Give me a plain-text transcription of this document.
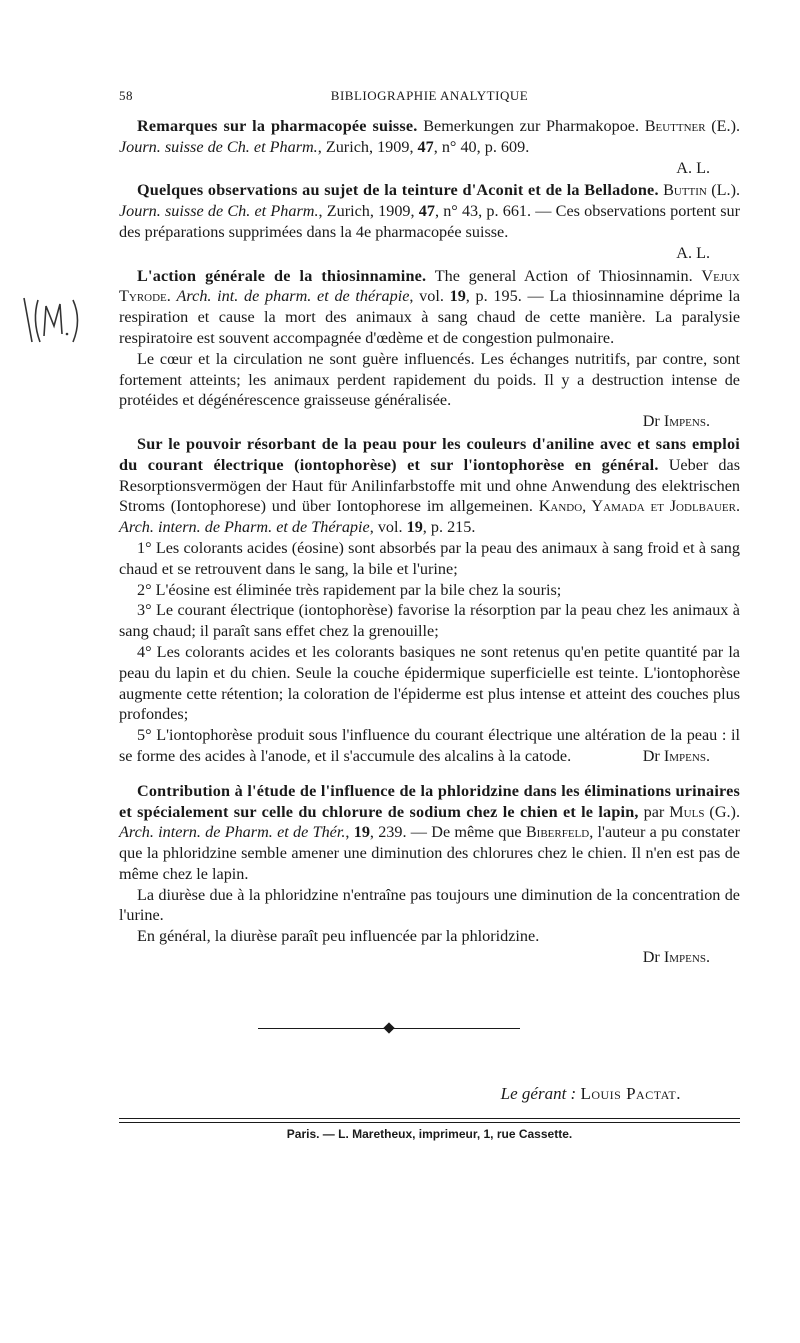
58	BIBLIOGRAPHIE ANALYTIQUE

Remarques sur la pharmacopée suisse. Bemerkungen zur Pharmakopoe. Beuttner (E.). Journ. suisse de Ch. et Pharm., Zurich, 1909, 47, n° 40, p. 609.

A. L.

Quelques observations au sujet de la teinture d'Aconit et de la Belladone. Buttin (L.). Journ. suisse de Ch. et Pharm., Zurich, 1909, 47, n° 43, p. 661. — Ces observations portent sur des préparations supprimées dans la 4e pharmacopée suisse.

A. L.

L'action générale de la thiosinnamine. The general Action of Thiosinnamin. Vejux Tyrode. Arch. int. de pharm. et de thérapie, vol. 19, p. 195. — La thiosinnamine déprime la respiration et cause la mort des animaux à sang chaud de cette manière. La paralysie respiratoire est souvent accompagnée d'œdème et de congestion pulmonaire.

Le cœur et la circulation ne sont guère influencés. Les échanges nutritifs, par contre, sont fortement atteints; les animaux perdent rapidement du poids. Il y a destruction intense de protéides et dégénérescence graisseuse généralisée.

Dr Impens.

Sur le pouvoir résorbant de la peau pour les couleurs d'aniline avec et sans emploi du courant électrique (iontophorèse) et sur l'iontophorèse en général. Ueber das Resorptionsvermögen der Haut für Anilinfarbstoffe mit und ohne Anwendung des elektrischen Stroms (Iontophorese) und über Iontophorese im allgemeinen. Kando, Yamada et Jodlbauer. Arch. intern. de Pharm. et de Thérapie, vol. 19, p. 215.

1° Les colorants acides (éosine) sont absorbés par la peau des animaux à sang froid et à sang chaud et se retrouvent dans le sang, la bile et l'urine;

2° L'éosine est éliminée très rapidement par la bile chez la souris;

3° Le courant électrique (iontophorèse) favorise la résorption par la peau chez les animaux à sang chaud; il paraît sans effet chez la grenouille;

4° Les colorants acides et les colorants basiques ne sont retenus qu'en petite quantité par la peau du lapin et du chien. Seule la couche épidermique superficielle est teinte. L'iontophorèse augmente cette rétention; la coloration de l'épiderme est plus intense et atteint des couches plus profondes;

5° L'iontophorèse produit sous l'influence du courant électrique une altération de la peau : il se forme des acides à l'anode, et il s'accumule des alcalins à la catode.	Dr Impens.

Contribution à l'étude de l'influence de la phloridzine dans les éliminations urinaires et spécialement sur celle du chlorure de sodium chez le chien et le lapin, par Muls (G.). Arch. intern. de Pharm. et de Thér., 19, 239. — De même que Biberfeld, l'auteur a pu constater que la phloridzine semble amener une diminution des chlorures chez le chien. Il n'en est pas de même chez le lapin.

La diurèse due à la phloridzine n'entraîne pas toujours une diminution de la concentration de l'urine.

En général, la diurèse paraît peu influencée par la phloridzine.

Dr Impens.

Le gérant : Louis Pactat.
Paris. — L. Maretheux, imprimeur, 1, rue Cassette.
